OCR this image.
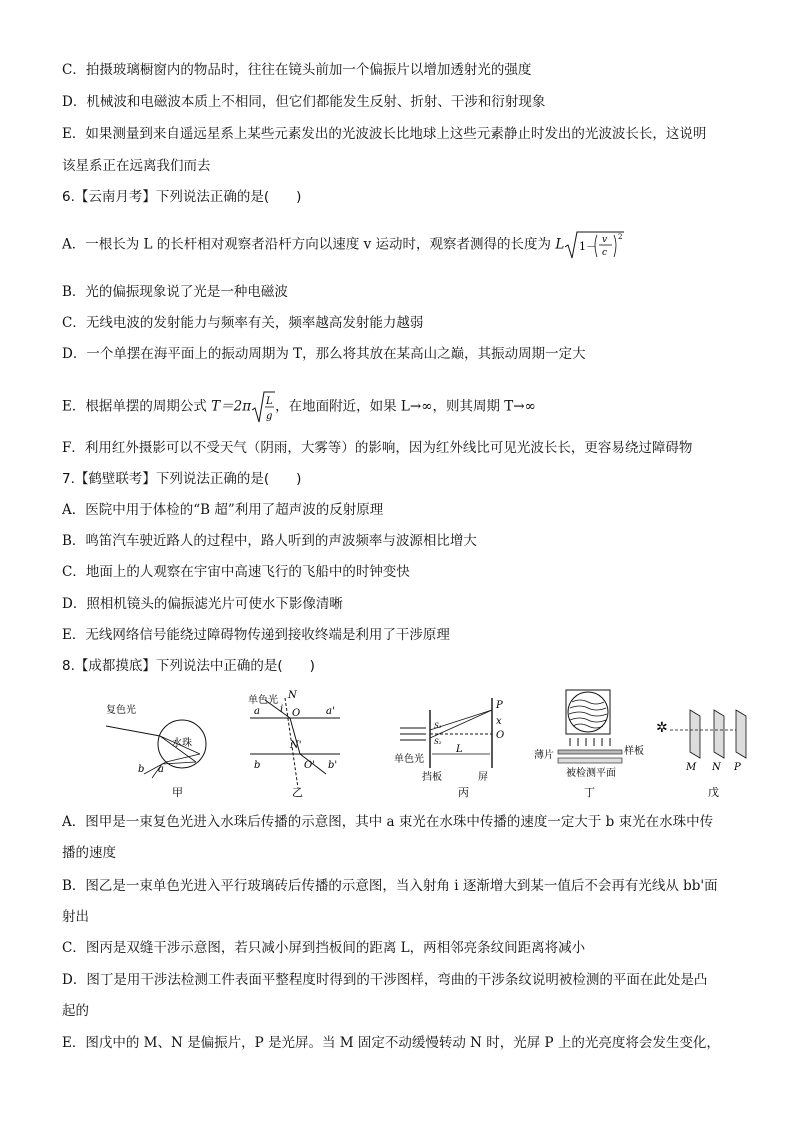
C．拍摄玻璃橱窗内的物品时，往往在镜头前加一个偏振片以增加透射光的强度
D．机械波和电磁波本质上不相同，但它们都能发生反射、折射、干涉和衍射现象
E．如果测量到来自遥远星系上某些元素发出的光波波长比地球上这些元素静止时发出的光波波长长，这说明
该星系正在远离我们而去
6.【云南月考】下列说法正确的是(　　)
A．一根长为 L 的长杆相对观察者沿杆方向以速度 v 运动时，观察者测得的长度为 L 1－ v
c
2
B．光的偏振现象说了光是一种电磁波
C．无线电波的发射能力与频率有关，频率越高发射能力越弱
D．一个单摆在海平面上的振动周期为 T，那么将其放在某高山之巅，其振动周期一定大
E．根据单摆的周期公式 T＝2π L
g
，在地面附近，如果 L→∞，则其周期 T→∞
F．利用红外摄影可以不受天气（阴雨，大雾等）的影响，因为红外线比可见光波长长，更容易绕过障碍物
7.【鹤壁联考】下列说法正确的是(　　)
A．医院中用于体检的“B 超”利用了超声波的反射原理
B．鸣笛汽车驶近路人的过程中，路人听到的声波频率与波源相比增大
C．地面上的人观察在宇宙中高速飞行的飞船中的时钟变快
D．照相机镜头的偏振滤光片可使水下影像清晰
E．无线网络信号能绕过障碍物传递到接收终端是利用了干涉原理
8.【成都摸底】下列说法中正确的是(　　)
复色光
水珠
a
b
甲
单色光 N
O
i
a	a'
N'
O'
b	b'
乙
P
x
O
S₁
S₂
L
单色光
挡板	屏
丙
薄片	样板
被检测平面
丁
✲
M N P
戊
A．图甲是一束复色光进入水珠后传播的示意图，其中 a 束光在水珠中传播的速度一定大于 b 束光在水珠中传
播的速度
B．图乙是一束单色光进入平行玻璃砖后传播的示意图，当入射角 i 逐渐增大到某一值后不会再有光线从 bb'面
射出
C．图丙是双缝干涉示意图，若只减小屏到挡板间的距离 L，两相邻亮条纹间距离将减小
D．图丁是用干涉法检测工件表面平整程度时得到的干涉图样，弯曲的干涉条纹说明被检测的平面在此处是凸
起的
E．图戊中的 M、N 是偏振片，P 是光屏。当 M 固定不动缓慢转动 N 时，光屏 P 上的光亮度将会发生变化，
